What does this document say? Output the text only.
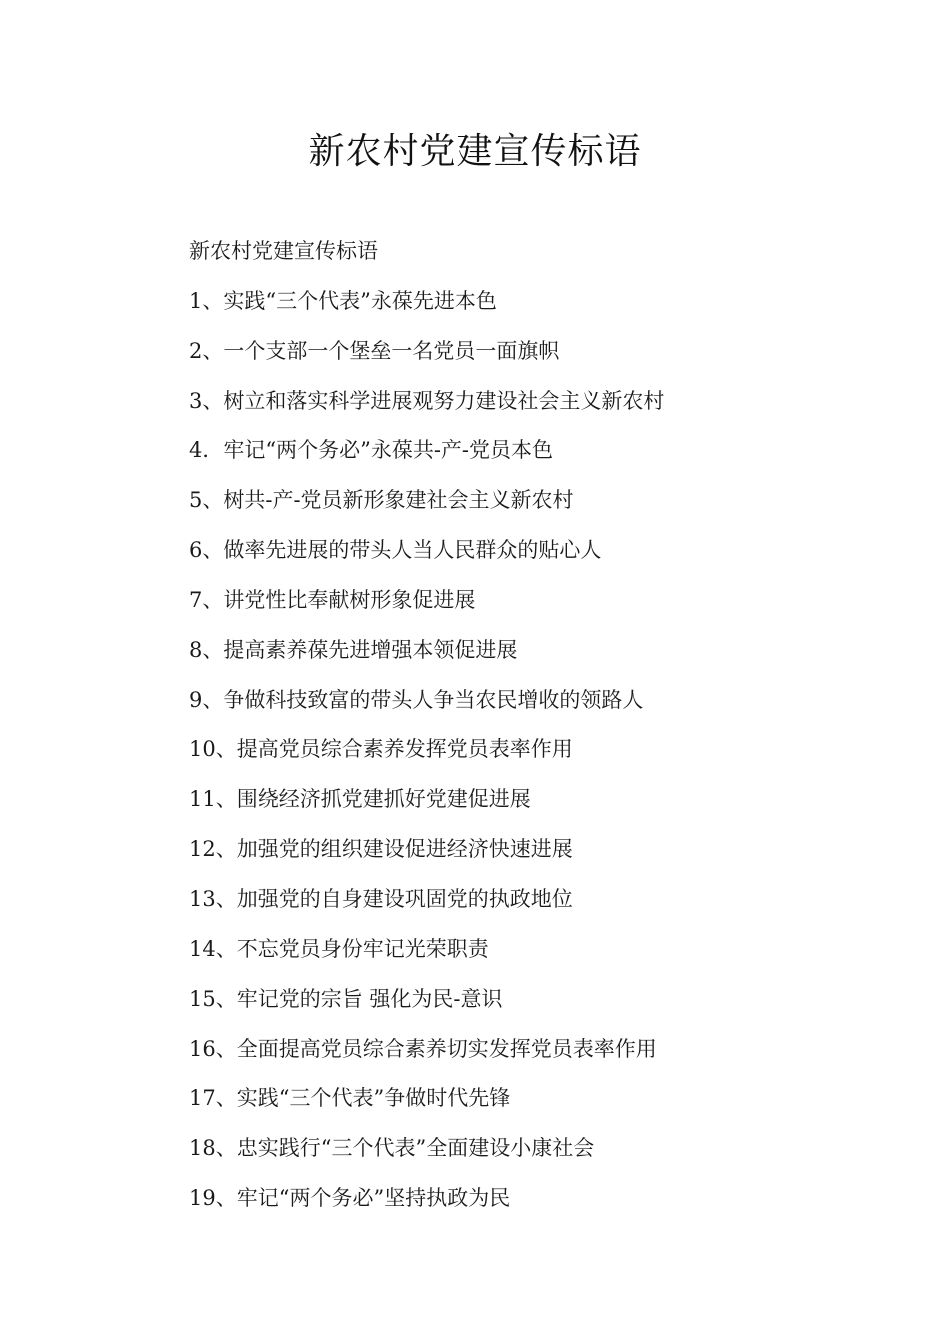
新农村党建宣传标语
新农村党建宣传标语
1、实践“三个代表”永葆先进本色
2、一个支部一个堡垒一名党员一面旗帜
3、树立和落实科学进展观努力建设社会主义新农村
4．牢记“两个务必”永葆共-产-党员本色
5、树共-产-党员新形象建社会主义新农村
6、做率先进展的带头人当人民群众的贴心人
7、讲党性比奉献树形象促进展
8、提高素养葆先进增强本领促进展
9、争做科技致富的带头人争当农民增收的领路人
10、提高党员综合素养发挥党员表率作用
11、围绕经济抓党建抓好党建促进展
12、加强党的组织建设促进经济快速进展
13、加强党的自身建设巩固党的执政地位
14、不忘党员身份牢记光荣职责
15、牢记党的宗旨 强化为民-意识
16、全面提高党员综合素养切实发挥党员表率作用
17、实践“三个代表”争做时代先锋
18、忠实践行“三个代表”全面建设小康社会
19、牢记“两个务必”坚持执政为民
